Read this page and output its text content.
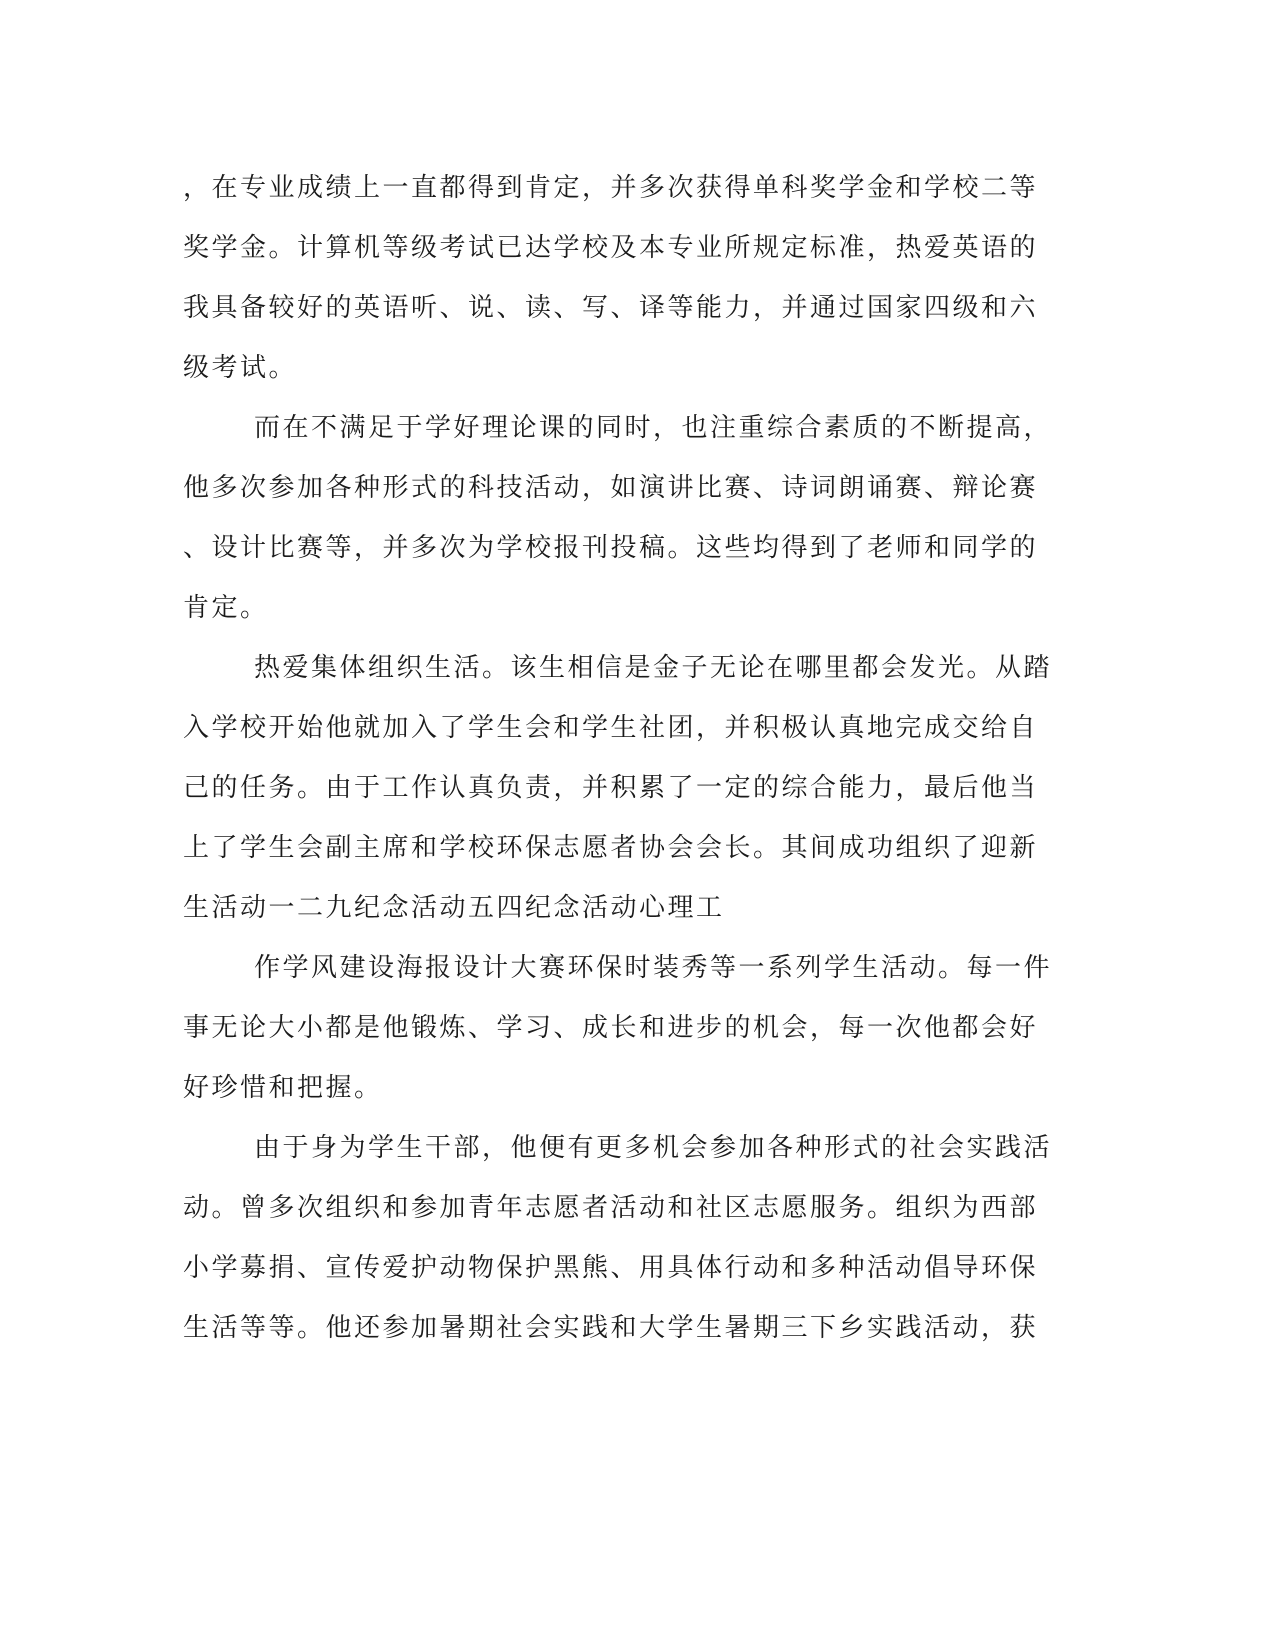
，在专业成绩上一直都得到肯定，并多次获得单科奖学金和学校二等
奖学金。计算机等级考试已达学校及本专业所规定标准，热爱英语的
我具备较好的英语听、说、读、写、译等能力，并通过国家四级和六
级考试。
而在不满足于学好理论课的同时，也注重综合素质的不断提高，
他多次参加各种形式的科技活动，如演讲比赛、诗词朗诵赛、辩论赛
、设计比赛等，并多次为学校报刊投稿。这些均得到了老师和同学的
肯定。
热爱集体组织生活。该生相信是金子无论在哪里都会发光。从踏
入学校开始他就加入了学生会和学生社团，并积极认真地完成交给自
己的任务。由于工作认真负责，并积累了一定的综合能力，最后他当
上了学生会副主席和学校环保志愿者协会会长。其间成功组织了迎新
生活动一二九纪念活动五四纪念活动心理工
作学风建设海报设计大赛环保时装秀等一系列学生活动。每一件
事无论大小都是他锻炼、学习、成长和进步的机会，每一次他都会好
好珍惜和把握。
由于身为学生干部，他便有更多机会参加各种形式的社会实践活
动。曾多次组织和参加青年志愿者活动和社区志愿服务。组织为西部
小学募捐、宣传爱护动物保护黑熊、用具体行动和多种活动倡导环保
生活等等。他还参加暑期社会实践和大学生暑期三下乡实践活动，获
